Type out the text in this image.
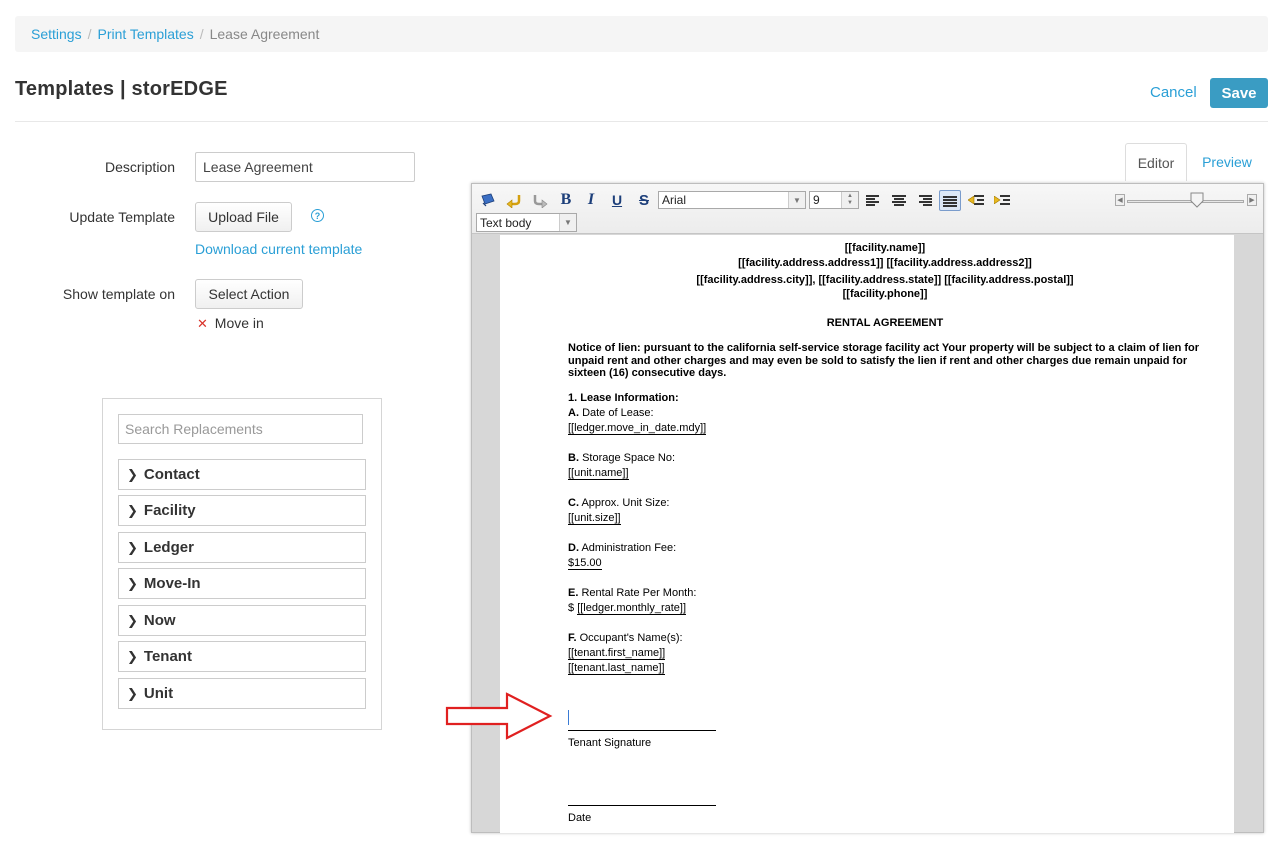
Settings / Print Templates / Lease Agreement
Templates | storEDGE	Cancel	Save
Description
Lease Agreement
Update Template	Upload File	?
Download current template
Show template on	Select Action
✕ Move in
Search Replacements
❯ Contact
❯ Facility
❯ Ledger
❯ Move-In
❯ Now
❯ Tenant
❯ Unit
Editor	Preview
B	I	U S	Arial	▼	9	▲
▼	◀	▶
Text body	▼
[[facility.name]]
[[facility.address.address1]] [[facility.address.address2]]
[[facility.address.city]], [[facility.address.state]] [[facility.address.postal]]
[[facility.phone]]
RENTAL AGREEMENT
Notice of lien: pursuant to the california self-service storage facility act Your property will be subject to a claim of lien for
unpaid rent and other charges and may even be sold to satisfy the lien if rent and other charges due remain unpaid for
sixteen (16) consecutive days.
1. Lease Information:
A. Date of Lease:
[[ledger.move_in_date.mdy]]
B. Storage Space No:
[[unit.name]]
C. Approx. Unit Size:
[[unit.size]]
D. Administration Fee:
$15.00
E. Rental Rate Per Month:
$ [[ledger.monthly_rate]]
F. Occupant's Name(s):
[[tenant.first_name]]
[[tenant.last_name]]
Tenant Signature
Date
